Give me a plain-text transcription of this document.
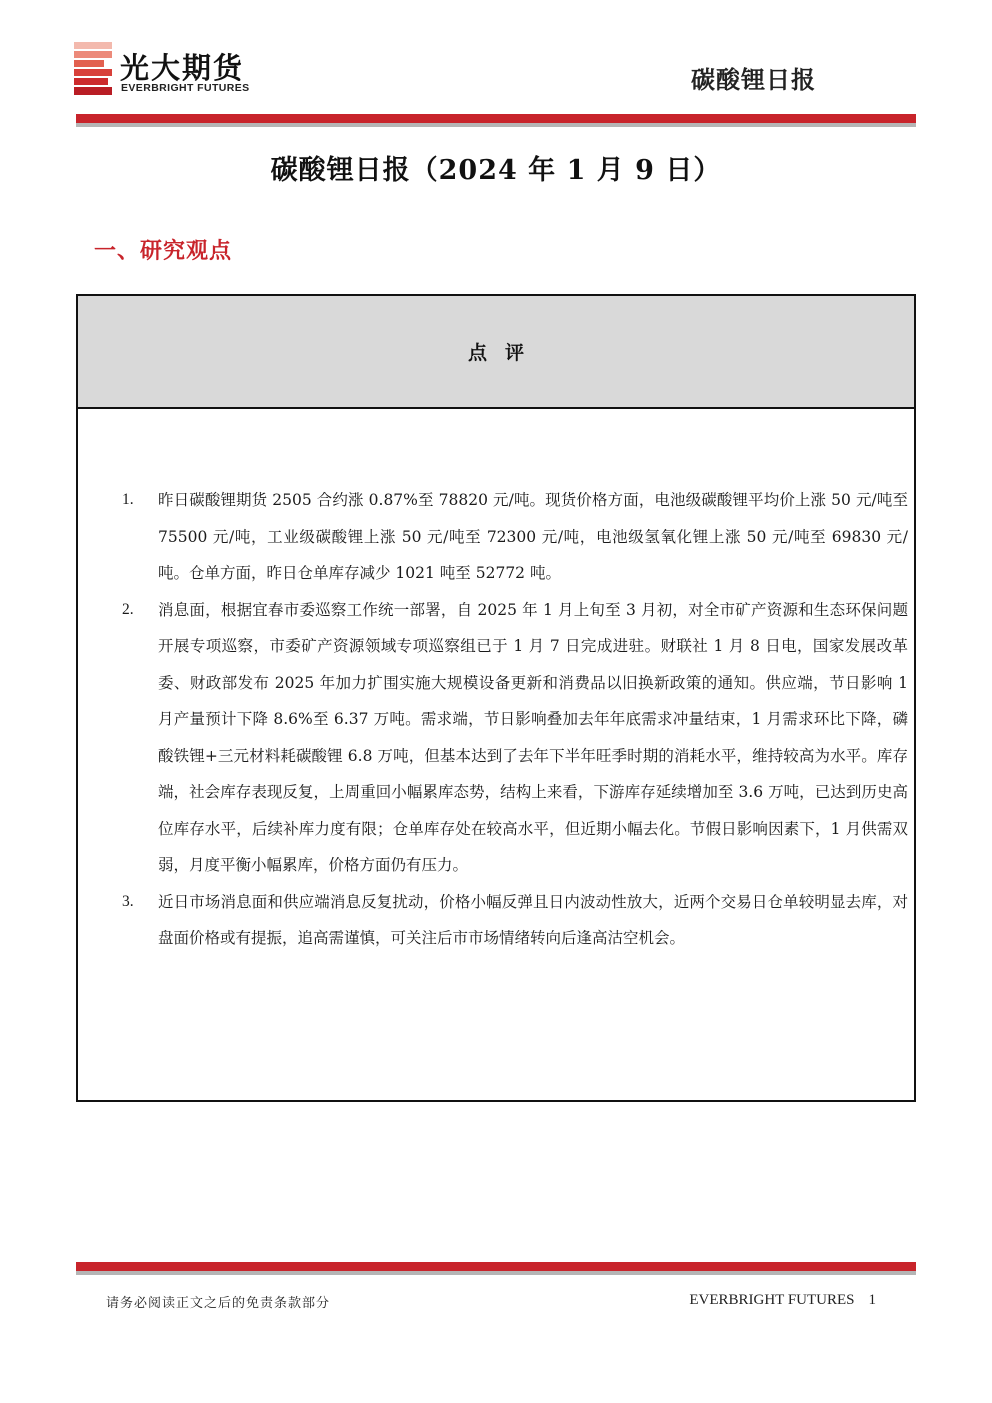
光大期货
EVERBRIGHT FUTURES	碳酸锂日报
碳酸锂日报（2024 年 1 月 9 日）
一、研究观点
点评
1. 昨日碳酸锂期货 2505 合约涨 0.87%至 78820 元/吨。现货价格方面，电池级碳酸锂平均价上涨 50 元/吨至 75500 元/吨，工业级碳酸锂上涨 50 元/吨至 72300 元/吨，电池级氢氧化锂上涨 50 元/吨至 69830 元/吨。仓单方面，昨日仓单库存减少 1021 吨至 52772 吨。
2. 消息面，根据宜春市委巡察工作统一部署，自 2025 年 1 月上旬至 3 月初，对全市矿产资源和生态环保问题开展专项巡察，市委矿产资源领域专项巡察组已于 1 月 7 日完成进驻。财联社 1 月 8 日电，国家发展改革委、财政部发布 2025 年加力扩围实施大规模设备更新和消费品以旧换新政策的通知。供应端，节日影响 1 月产量预计下降 8.6%至 6.37 万吨。需求端，节日影响叠加去年年底需求冲量结束，1 月需求环比下降，磷酸铁锂+三元材料耗碳酸锂 6.8 万吨，但基本达到了去年下半年旺季时期的消耗水平，维持较高为水平。库存端，社会库存表现反复，上周重回小幅累库态势，结构上来看，下游库存延续增加至 3.6 万吨，已达到历史高位库存水平，后续补库力度有限；仓单库存处在较高水平，但近期小幅去化。节假日影响因素下，1 月供需双弱，月度平衡小幅累库，价格方面仍有压力。
3. 近日市场消息面和供应端消息反复扰动，价格小幅反弹且日内波动性放大，近两个交易日仓单较明显去库，对盘面价格或有提振，追高需谨慎，可关注后市市场情绪转向后逢高沽空机会。
请务必阅读正文之后的免责条款部分	EVERBRIGHT FUTURES 1
